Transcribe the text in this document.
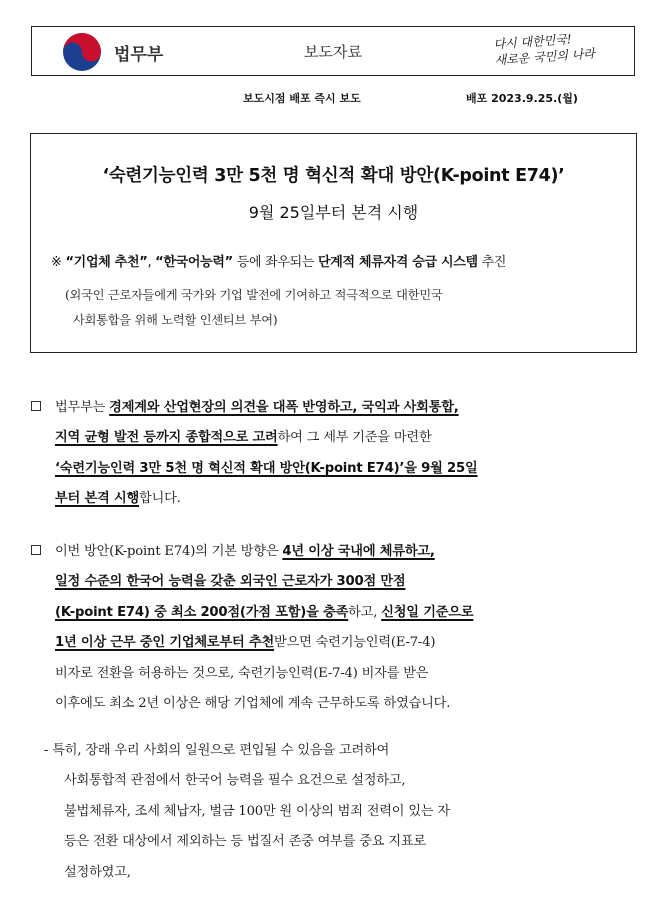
법무부	보도자료
다시 대한민국!
새로운 국민의 나라
보도시점 배포 즉시 보도	배포 2023.9.25.(월)
‘숙련기능인력 3만 5천 명 혁신적 확대 방안(K-point E74)’
9월 25일부터 본격 시행
※ “기업체 추천”, “한국어능력” 등에 좌우되는 단계적 체류자격 승급 시스템 추진
(외국인 근로자들에게 국가와 기업 발전에 기여하고 적극적으로 대한민국
사회통합을 위해 노력할 인센티브 부여)
법무부는 경제계와 산업현장의 의견을 대폭 반영하고, 국익과 사회통합,
지역 균형 발전 등까지 종합적으로 고려하여 그 세부 기준을 마련한
‘숙련기능인력 3만 5천 명 혁신적 확대 방안(K-point E74)’을 9월 25일
부터 본격 시행합니다.
이번 방안(K-point E74)의 기본 방향은 4년 이상 국내에 체류하고,
일정 수준의 한국어 능력을 갖춘 외국인 근로자가 300점 만점
(K-point E74) 중 최소 200점(가점 포함)을 충족하고, 신청일 기준으로
1년 이상 근무 중인 기업체로부터 추천받으면 숙련기능인력(E-7-4)
비자로 전환을 허용하는 것으로, 숙련기능인력(E-7-4) 비자를 받은
이후에도 최소 2년 이상은 해당 기업체에 계속 근무하도록 하였습니다.
- 특히, 장래 우리 사회의 일원으로 편입될 수 있음을 고려하여
사회통합적 관점에서 한국어 능력을 필수 요건으로 설정하고,
불법체류자, 조세 체납자, 벌금 100만 원 이상의 범죄 전력이 있는 자
등은 전환 대상에서 제외하는 등 법질서 존중 여부를 중요 지표로
설정하였고,
